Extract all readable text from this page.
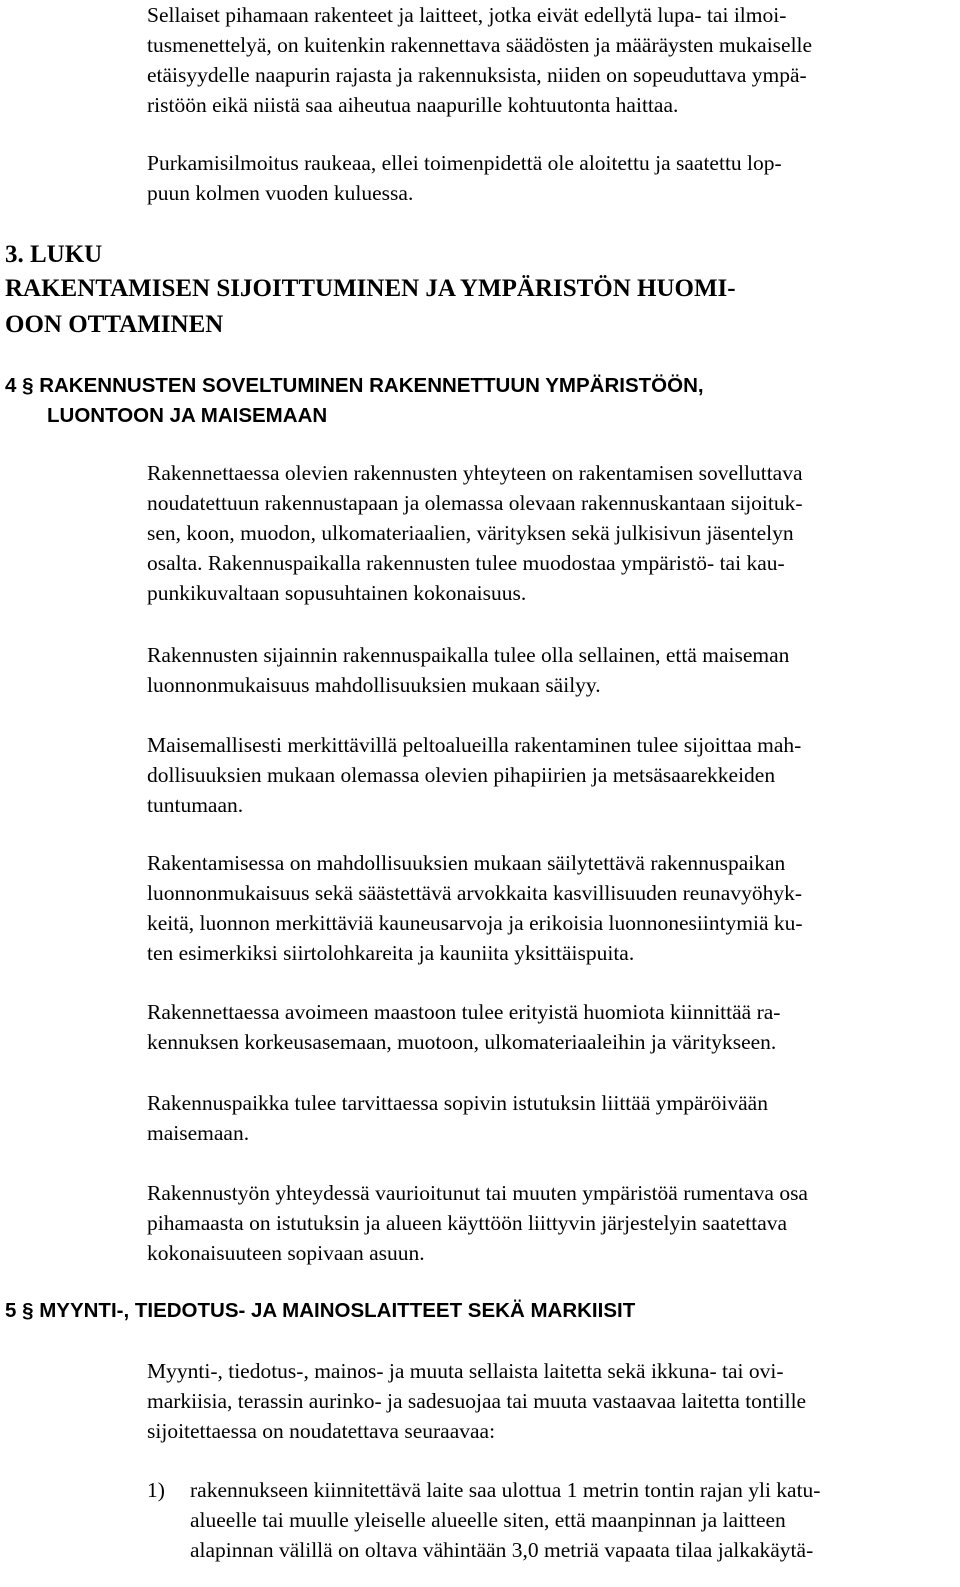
Sellaiset pihamaan rakenteet ja laitteet, jotka eivät edellytä lupa- tai ilmoi-
tusmenettelyä, on kuitenkin rakennettava säädösten ja määräysten mukaiselle
etäisyydelle naapurin rajasta ja rakennuksista, niiden on sopeuduttava ympä-
ristöön eikä niistä saa aiheutua naapurille kohtuutonta haittaa.

Purkamisilmoitus raukeaa, ellei toimenpidettä ole aloitettu ja saatettu lop-
puun kolmen vuoden kuluessa.

3. LUKU
RAKENTAMISEN SIJOITTUMINEN JA YMPÄRISTÖN HUOMI-
OON OTTAMINEN
4 § RAKENNUSTEN SOVELTUMINEN RAKENNETTUUN YMPÄRISTÖÖN,
LUONTOON JA MAISEMAAN

Rakennettaessa olevien rakennusten yhteyteen on rakentamisen sovelluttava
noudatettuun rakennustapaan ja olemassa olevaan rakennuskantaan sijoituk-
sen, koon, muodon, ulkomateriaalien, värityksen sekä julkisivun jäsentelyn
osalta. Rakennuspaikalla rakennusten tulee muodostaa ympäristö- tai kau-
punkikuvaltaan sopusuhtainen kokonaisuus.

Rakennusten sijainnin rakennuspaikalla tulee olla sellainen, että maiseman
luonnonmukaisuus mahdollisuuksien mukaan säilyy.

Maisemallisesti merkittävillä peltoalueilla rakentaminen tulee sijoittaa mah-
dollisuuksien mukaan olemassa olevien pihapiirien ja metsäsaarekkeiden
tuntumaan.

Rakentamisessa on mahdollisuuksien mukaan säilytettävä rakennuspaikan
luonnonmukaisuus sekä säästettävä arvokkaita kasvillisuuden reunavyöhyk-
keitä, luonnon merkittäviä kauneusarvoja ja erikoisia luonnonesiintymiä ku-
ten esimerkiksi siirtolohkareita ja kauniita yksittäispuita.

Rakennettaessa avoimeen maastoon tulee erityistä huomiota kiinnittää ra-
kennuksen korkeusasemaan, muotoon, ulkomateriaaleihin ja väritykseen.

Rakennuspaikka tulee tarvittaessa sopivin istutuksin liittää ympäröivään
maisemaan.

Rakennustyön yhteydessä vaurioitunut tai muuten ympäristöä rumentava osa
pihamaasta on istutuksin ja alueen käyttöön liittyvin järjestelyin saatettava
kokonaisuuteen sopivaan asuun.

5 § MYYNTI-, TIEDOTUS- JA MAINOSLAITTEET SEKÄ MARKIISIT

Myynti-, tiedotus-, mainos- ja muuta sellaista laitetta sekä ikkuna- tai ovi-
markiisia, terassin aurinko- ja sadesuojaa tai muuta vastaavaa laitetta tontille
sijoitettaessa on noudatettava seuraavaa:

1) rakennukseen kiinnitettävä laite saa ulottua 1 metrin tontin rajan yli katu-
alueelle tai muulle yleiselle alueelle siten, että maanpinnan ja laitteen
alapinnan välillä on oltava vähintään 3,0 metriä vapaata tilaa jalkakäytä-
